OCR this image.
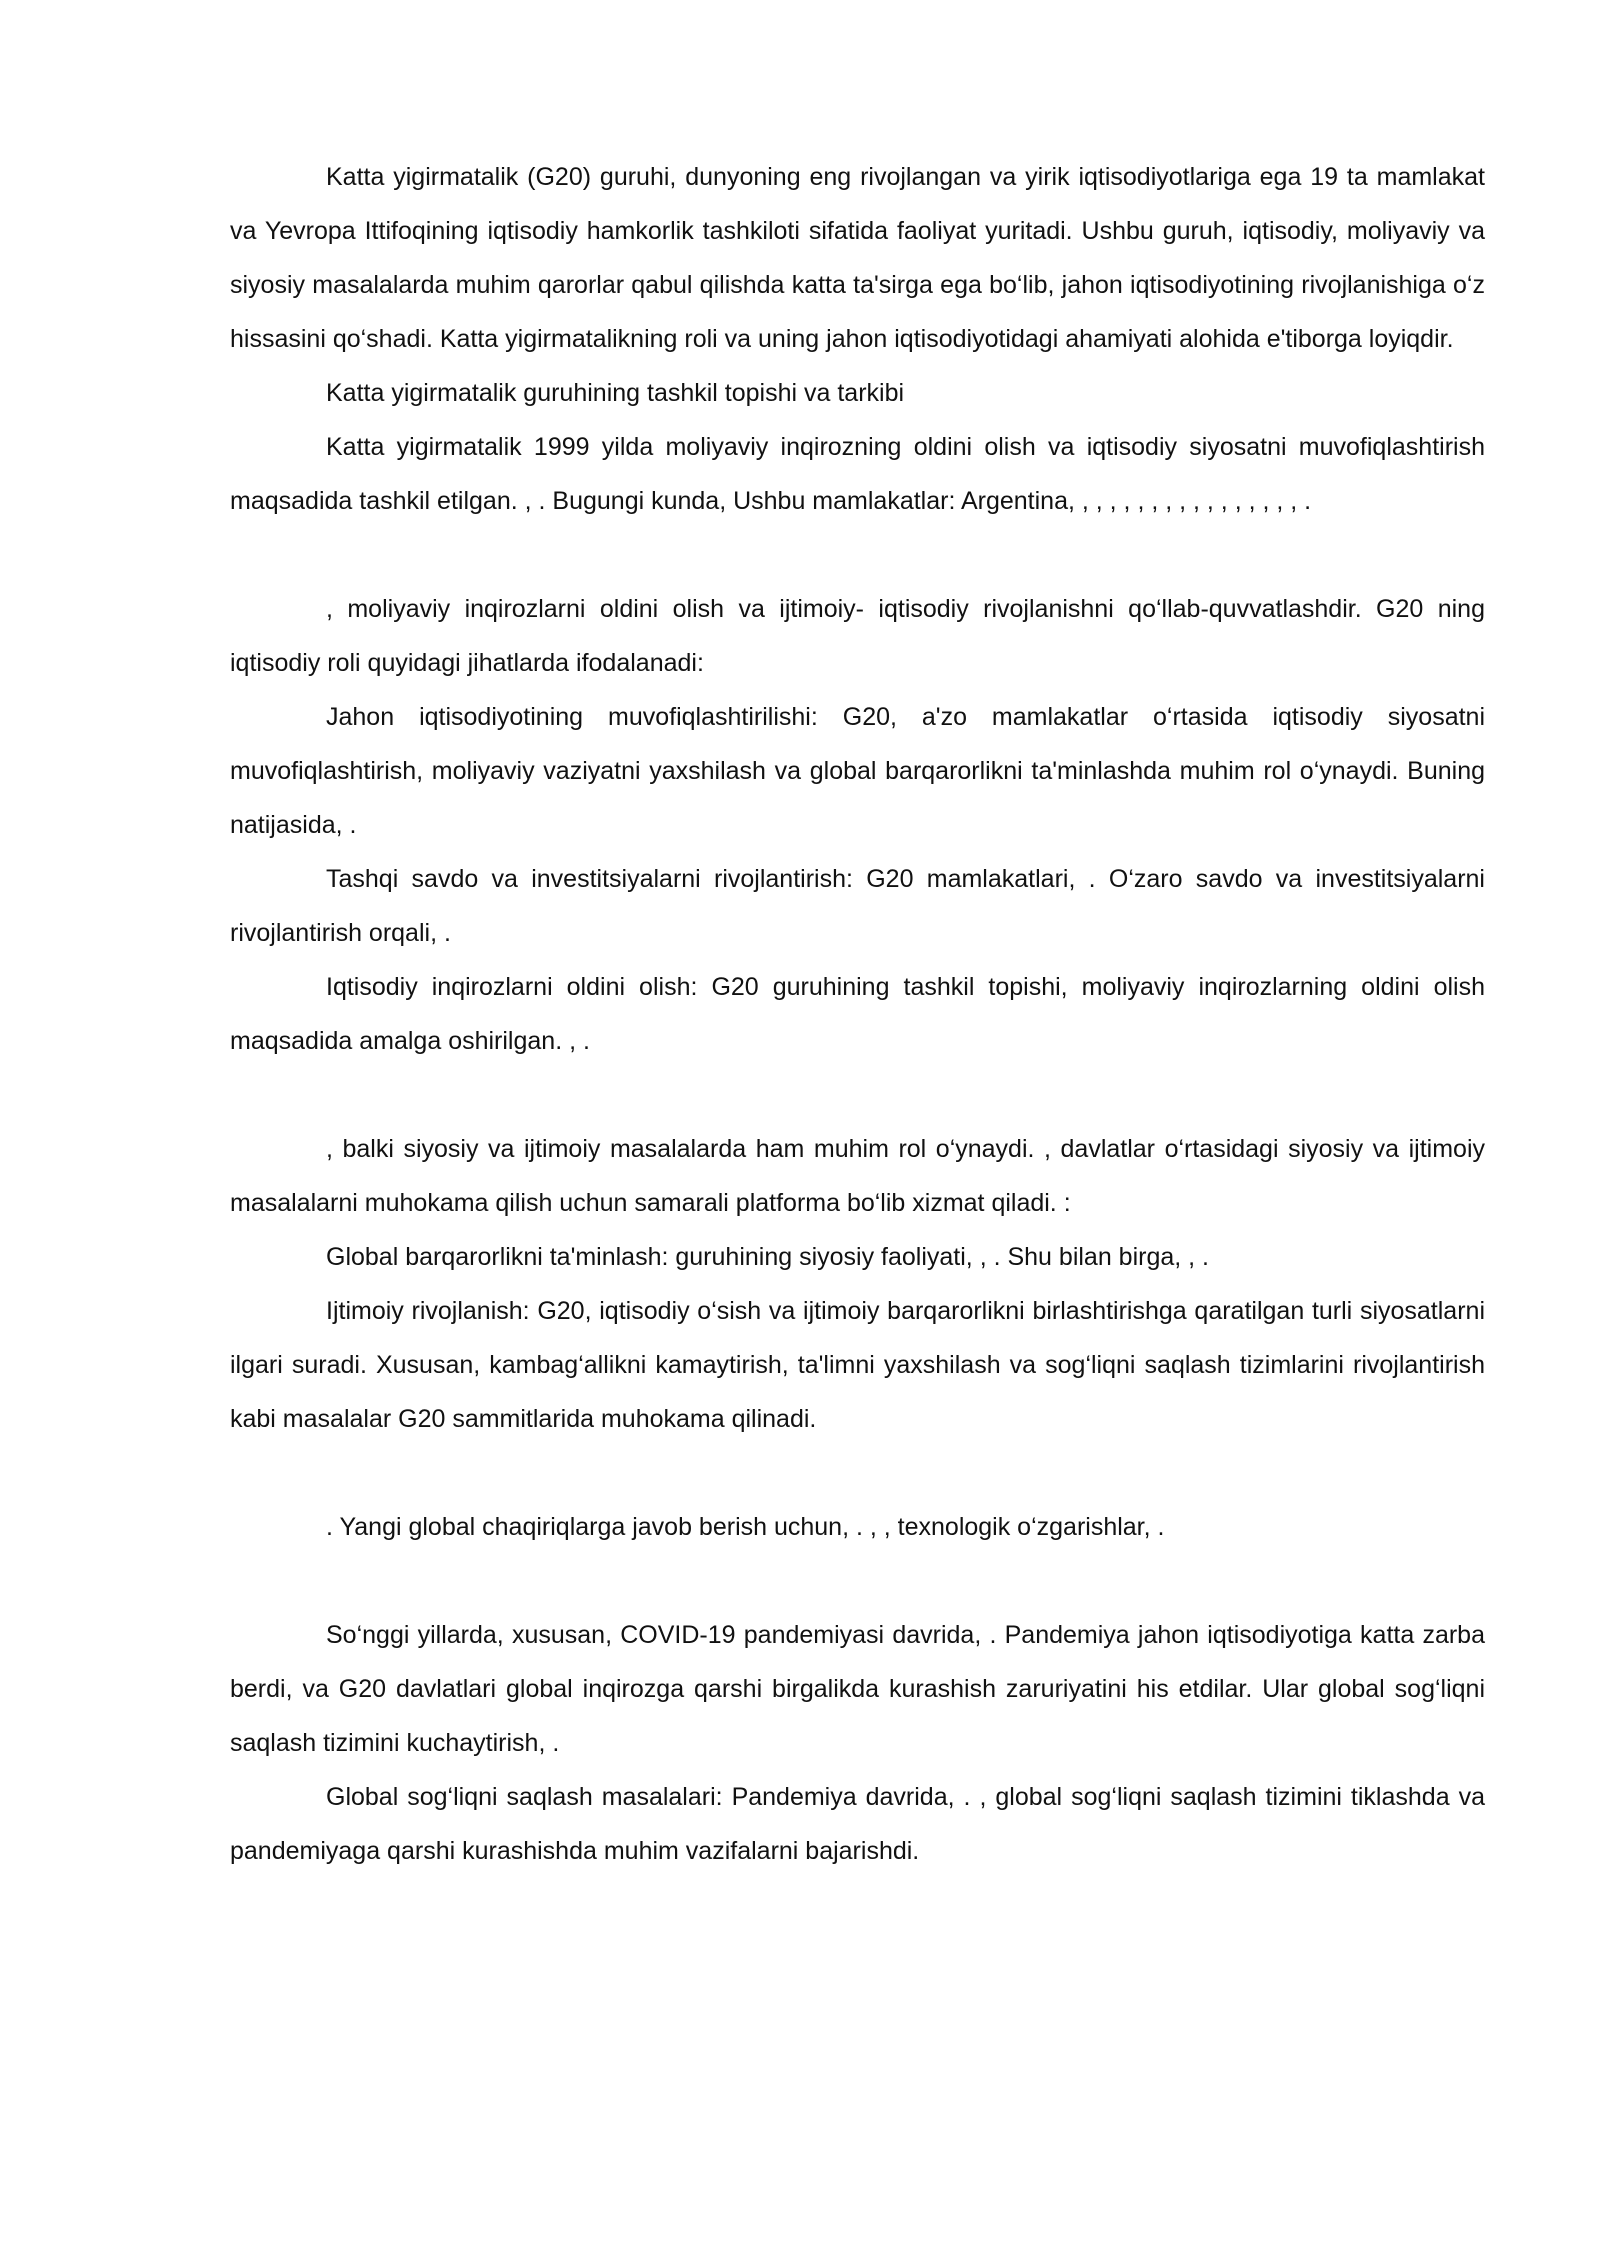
Katta yigirmatalik (G20) guruhi, dunyoning eng rivojlangan va yirik iqtisodiyotlariga ega 19 ta mamlakat va Yevropa Ittifoqining iqtisodiy hamkorlik tashkiloti sifatida faoliyat yuritadi. Ushbu guruh, iqtisodiy, moliyaviy va siyosiy masalalarda muhim qarorlar qabul qilishda katta ta'sirga ega bo‘lib, jahon iqtisodiyotining rivojlanishiga o‘z hissasini qo‘shadi. Katta yigirmatalikning roli va uning jahon iqtisodiyotidagi ahamiyati alohida e'tiborga loyiqdir.

Katta yigirmatalik guruhining tashkil topishi va tarkibi

Katta yigirmatalik 1999 yilda moliyaviy inqirozning oldini olish va iqtisodiy siyosatni muvofiqlashtirish maqsadida tashkil etilgan. , . Bugungi kunda, Ushbu mamlakatlar: Argentina, , , , , , , , , , , , , , , , , .

, moliyaviy inqirozlarni oldini olish va ijtimoiy- iqtisodiy rivojlanishni qo‘llab-quvvatlashdir. G20 ning iqtisodiy roli quyidagi jihatlarda ifodalanadi:

Jahon iqtisodiyotining muvofiqlashtirilishi: G20, a'zo mamlakatlar o‘rtasida iqtisodiy siyosatni muvofiqlashtirish, moliyaviy vaziyatni yaxshilash va global barqarorlikni ta'minlashda muhim rol o‘ynaydi. Buning natijasida, .

Tashqi savdo va investitsiyalarni rivojlantirish: G20 mamlakatlari, . O‘zaro savdo va investitsiyalarni rivojlantirish orqali, .

Iqtisodiy inqirozlarni oldini olish: G20 guruhining tashkil topishi, moliyaviy inqirozlarning oldini olish maqsadida amalga oshirilgan. , .

, balki siyosiy va ijtimoiy masalalarda ham muhim rol o‘ynaydi. , davlatlar o‘rtasidagi siyosiy va ijtimoiy masalalarni muhokama qilish uchun samarali platforma bo‘lib xizmat qiladi. :

Global barqarorlikni ta'minlash: guruhining siyosiy faoliyati, , . Shu bilan birga, , .

Ijtimoiy rivojlanish: G20, iqtisodiy o‘sish va ijtimoiy barqarorlikni birlashtirishga qaratilgan turli siyosatlarni ilgari suradi. Xususan, kambag‘allikni kamaytirish, ta'limni yaxshilash va sog‘liqni saqlash tizimlarini rivojlantirish kabi masalalar G20 sammitlarida muhokama qilinadi.

. Yangi global chaqiriqlarga javob berish uchun, . , , texnologik o‘zgarishlar, .

So‘nggi yillarda, xususan, COVID-19 pandemiyasi davrida, . Pandemiya jahon iqtisodiyotiga katta zarba berdi, va G20 davlatlari global inqirozga qarshi birgalikda kurashish zaruriyatini his etdilar. Ular global sog‘liqni saqlash tizimini kuchaytirish, .

Global sog‘liqni saqlash masalalari: Pandemiya davrida, . , global sog‘liqni saqlash tizimini tiklashda va pandemiyaga qarshi kurashishda muhim vazifalarni bajarishdi.
